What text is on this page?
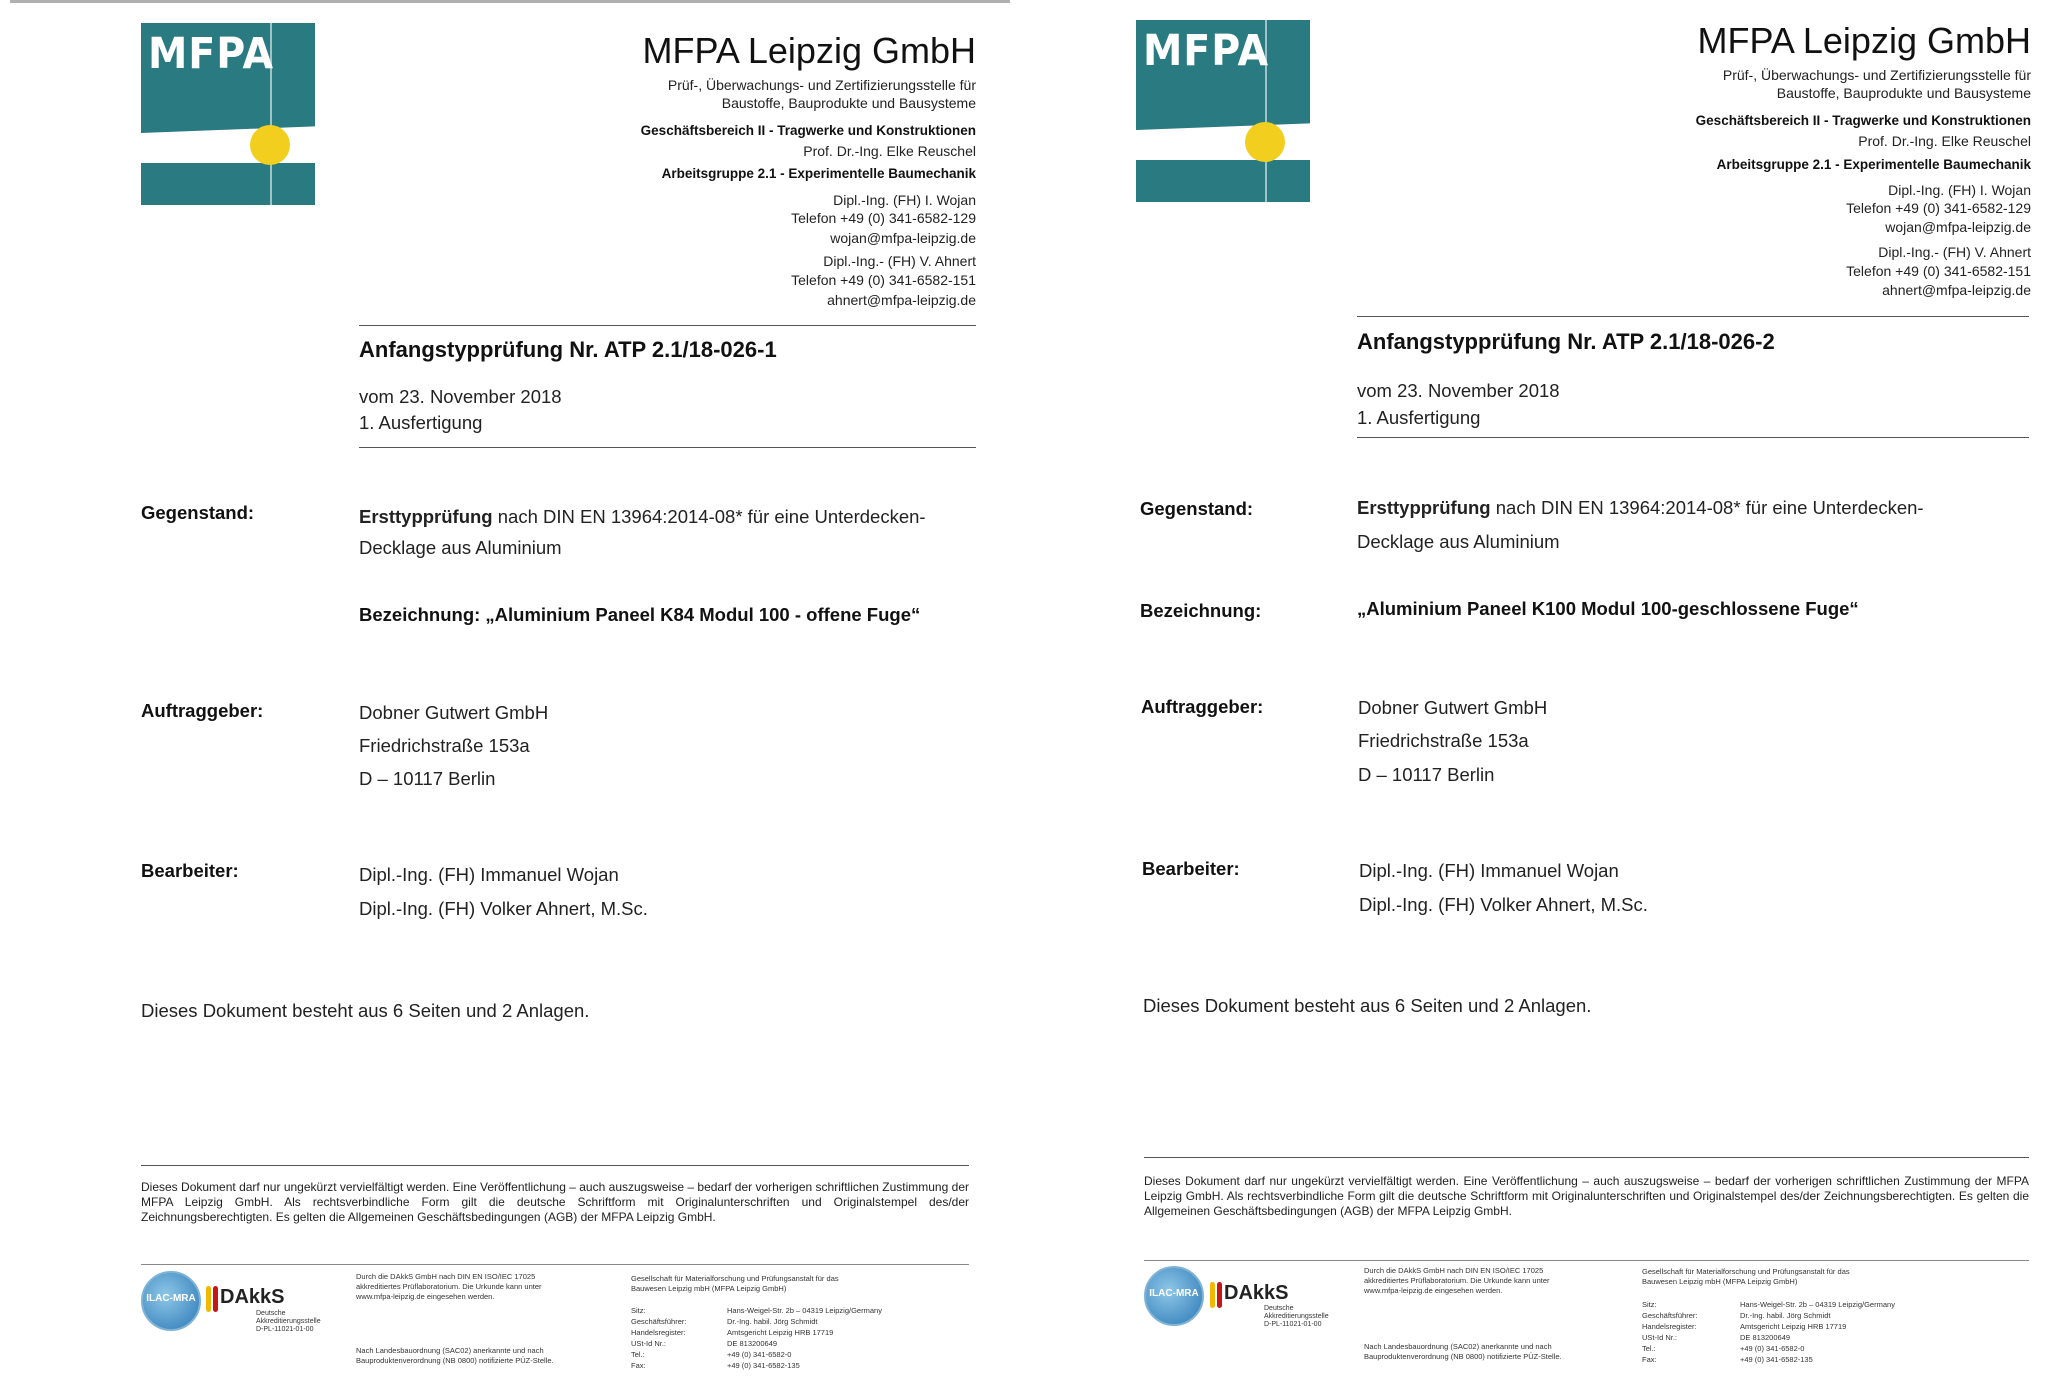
MFPA	MFPA Leipzig GmbH
Prüf-, Überwachungs- und Zertifizierungsstelle für
Baustoffe, Bauprodukte und Bausysteme
Geschäftsbereich II - Tragwerke und Konstruktionen
Prof. Dr.-Ing. Elke Reuschel
Arbeitsgruppe 2.1 - Experimentelle Baumechanik
Dipl.-Ing. (FH) I. Wojan
Telefon +49 (0) 341-6582-129
wojan@mfpa-leipzig.de
Dipl.-Ing.- (FH) V. Ahnert
Telefon +49 (0) 341-6582-151
ahnert@mfpa-leipzig.de
Anfangstypprüfung Nr. ATP 2.1/18-026-1
vom 23. November 2018
1. Ausfertigung
Gegenstand:	Ersttypprüfung nach DIN EN 13964:2014-08* für eine Unterdecken-
Decklage aus Aluminium
Bezeichnung: „Aluminium Paneel K84 Modul 100 - offene Fuge“
Auftraggeber:	Dobner Gutwert GmbH
Friedrichstraße 153a
D – 10117 Berlin
Bearbeiter:	Dipl.-Ing. (FH) Immanuel Wojan
Dipl.-Ing. (FH) Volker Ahnert, M.Sc.
Dieses Dokument besteht aus 6 Seiten und 2 Anlagen.
Dieses Dokument darf nur ungekürzt vervielfältigt werden. Eine Veröffentlichung – auch auszugsweise – bedarf der vorherigen schriftlichen Zustimmung der MFPA Leipzig GmbH. Als rechtsverbindliche Form gilt die deutsche Schriftform mit Originalunterschriften und Originalstempel des/der Zeichnungsberechtigten. Es gelten die Allgemeinen Geschäftsbedingungen (AGB) der MFPA Leipzig GmbH.
ILAC-MRA DAkkS
Deutsche
Akkreditierungsstelle
D-PL-11021-01-00
Durch die DAkkS GmbH nach DIN EN ISO/IEC 17025
akkreditiertes Prüflaboratorium. Die Urkunde kann unter
www.mfpa-leipzig.de eingesehen werden.
Nach Landesbauordnung (SAC02) anerkannte und nach
Bauproduktenverordnung (NB 0800) notifizierte PÜZ-Stelle.
Gesellschaft für Materialforschung und Prüfungsanstalt für das
Bauwesen Leipzig mbH (MFPA Leipzig GmbH)
Sitz:	Hans-Weigel-Str. 2b – 04319 Leipzig/Germany
Geschäftsführer:	Dr.-Ing. habil. Jörg Schmidt
Handelsregister:	Amtsgericht Leipzig HRB 17719
USt-Id Nr.:	DE 813200649
Tel.:	+49 (0) 341-6582-0
Fax:	+49 (0) 341-6582-135
MFPA	MFPA Leipzig GmbH
Prüf-, Überwachungs- und Zertifizierungsstelle für
Baustoffe, Bauprodukte und Bausysteme
Geschäftsbereich II - Tragwerke und Konstruktionen
Prof. Dr.-Ing. Elke Reuschel
Arbeitsgruppe 2.1 - Experimentelle Baumechanik
Dipl.-Ing. (FH) I. Wojan
Telefon +49 (0) 341-6582-129
wojan@mfpa-leipzig.de
Dipl.-Ing.- (FH) V. Ahnert
Telefon +49 (0) 341-6582-151
ahnert@mfpa-leipzig.de
Anfangstypprüfung Nr. ATP 2.1/18-026-2
vom 23. November 2018
1. Ausfertigung
Gegenstand:	Ersttypprüfung nach DIN EN 13964:2014-08* für eine Unterdecken-
Decklage aus Aluminium
Bezeichnung:	„Aluminium Paneel K100 Modul 100-geschlossene Fuge“
Auftraggeber:	Dobner Gutwert GmbH
Friedrichstraße 153a
D – 10117 Berlin
Bearbeiter:	Dipl.-Ing. (FH) Immanuel Wojan
Dipl.-Ing. (FH) Volker Ahnert, M.Sc.
Dieses Dokument besteht aus 6 Seiten und 2 Anlagen.
Dieses Dokument darf nur ungekürzt vervielfältigt werden. Eine Veröffentlichung – auch auszugsweise – bedarf der vorherigen schriftlichen Zustimmung der MFPA Leipzig GmbH. Als rechtsverbindliche Form gilt die deutsche Schriftform mit Originalunterschriften und Originalstempel des/der Zeichnungsberechtigten. Es gelten die Allgemeinen Geschäftsbedingungen (AGB) der MFPA Leipzig GmbH.
ILAC-MRA DAkkS
Deutsche
Akkreditierungsstelle
D-PL-11021-01-00
Durch die DAkkS GmbH nach DIN EN ISO/IEC 17025
akkreditiertes Prüflaboratorium. Die Urkunde kann unter
www.mfpa-leipzig.de eingesehen werden.
Nach Landesbauordnung (SAC02) anerkannte und nach
Bauproduktenverordnung (NB 0800) notifizierte PÜZ-Stelle.
Gesellschaft für Materialforschung und Prüfungsanstalt für das
Bauwesen Leipzig mbH (MFPA Leipzig GmbH)
Sitz:	Hans-Weigel-Str. 2b – 04319 Leipzig/Germany
Geschäftsführer:	Dr.-Ing. habil. Jörg Schmidt
Handelsregister:	Amtsgericht Leipzig HRB 17719
USt-Id Nr.:	DE 813200649
Tel.:	+49 (0) 341-6582-0
Fax:	+49 (0) 341-6582-135
